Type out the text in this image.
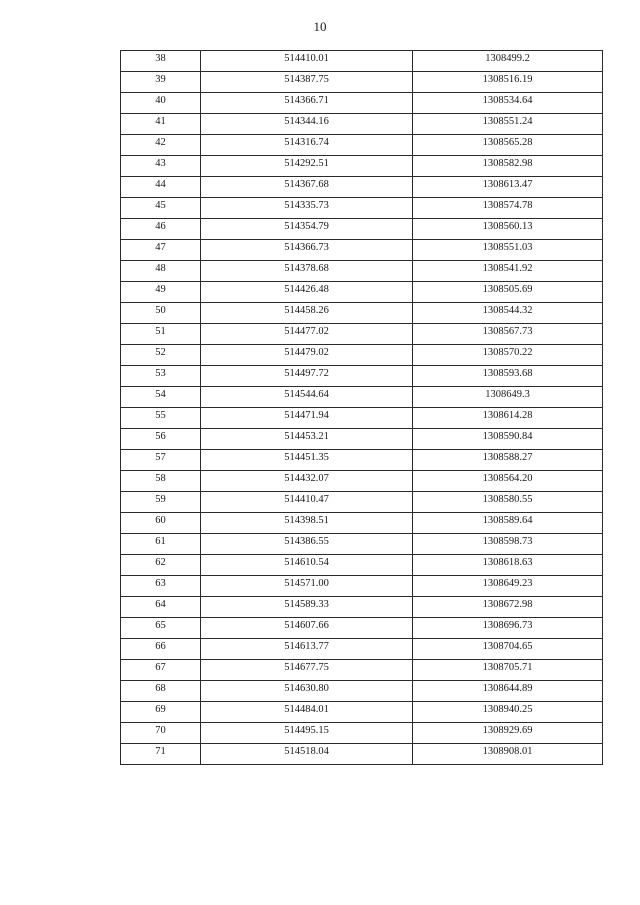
10
38	514410.01	1308499.2
39	514387.75	1308516.19
40	514366.71	1308534.64
41	514344.16	1308551.24
42	514316.74	1308565.28
43	514292.51	1308582.98
44	514367.68	1308613.47
45	514335.73	1308574.78
46	514354.79	1308560.13
47	514366.73	1308551.03
48	514378.68	1308541.92
49	514426.48	1308505.69
50	514458.26	1308544.32
51	514477.02	1308567.73
52	514479.02	1308570.22
53	514497.72	1308593.68
54	514544.64	1308649.3
55	514471.94	1308614.28
56	514453.21	1308590.84
57	514451.35	1308588.27
58	514432.07	1308564.20
59	514410.47	1308580.55
60	514398.51	1308589.64
61	514386.55	1308598.73
62	514610.54	1308618.63
63	514571.00	1308649.23
64	514589.33	1308672.98
65	514607.66	1308696.73
66	514613.77	1308704.65
67	514677.75	1308705.71
68	514630.80	1308644.89
69	514484.01	1308940.25
70	514495.15	1308929.69
71	514518.04	1308908.01
